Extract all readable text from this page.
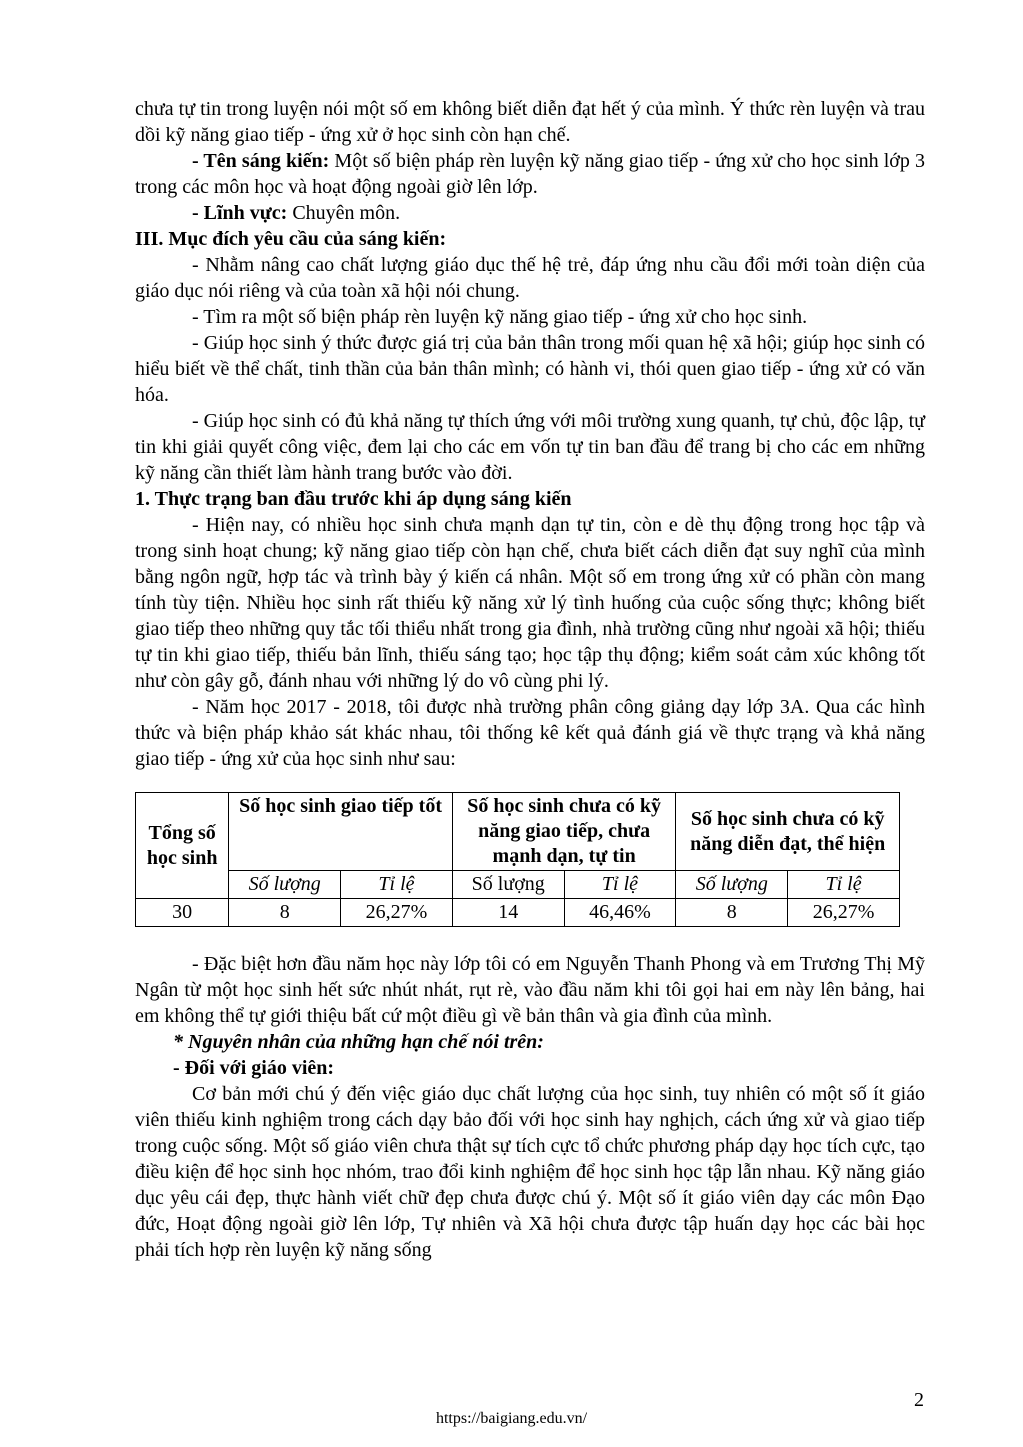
chưa tự tin trong luyện nói một số em không biết diễn đạt hết ý của mình. Ý thức rèn luyện và trau dồi kỹ năng giao tiếp - ứng xử ở học sinh còn hạn chế.

- Tên sáng kiến: Một số biện pháp rèn luyện kỹ năng giao tiếp - ứng xử cho học sinh lớp 3 trong các môn học và hoạt động ngoài giờ lên lớp.

- Lĩnh vực: Chuyên môn.

III. Mục đích yêu cầu của sáng kiến:

- Nhằm nâng cao chất lượng giáo dục thế hệ trẻ, đáp ứng nhu cầu đổi mới toàn diện của giáo dục nói riêng và của toàn xã hội nói chung.

- Tìm ra một số biện pháp rèn luyện kỹ năng giao tiếp - ứng xử cho học sinh.

- Giúp học sinh ý thức được giá trị của bản thân trong mối quan hệ xã hội; giúp học sinh có hiểu biết về thể chất, tinh thần của bản thân mình; có hành vi, thói quen giao tiếp - ứng xử có văn hóa.

- Giúp học sinh có đủ khả năng tự thích ứng với môi trường xung quanh, tự chủ, độc lập, tự tin khi giải quyết công việc, đem lại cho các em vốn tự tin ban đầu để trang bị cho các em những kỹ năng cần thiết làm hành trang bước vào đời.

1. Thực trạng ban đầu trước khi áp dụng sáng kiến

- Hiện nay, có nhiều học sinh chưa mạnh dạn tự tin, còn e dè thụ động trong học tập và trong sinh hoạt chung; kỹ năng giao tiếp còn hạn chế, chưa biết cách diễn đạt suy nghĩ của mình bằng ngôn ngữ, hợp tác và trình bày ý kiến cá nhân. Một số em trong ứng xử có phần còn mang tính tùy tiện. Nhiều học sinh rất thiếu kỹ năng xử lý tình huống của cuộc sống thực; không biết giao tiếp theo những quy tắc tối thiểu nhất trong gia đình, nhà trường cũng như ngoài xã hội; thiếu tự tin khi giao tiếp, thiếu bản lĩnh, thiếu sáng tạo; học tập thụ động; kiểm soát cảm xúc không tốt như còn gây gỗ, đánh nhau với những lý do vô cùng phi lý.

- Năm học 2017 - 2018, tôi được nhà trường phân công giảng dạy lớp 3A. Qua các hình thức và biện pháp khảo sát khác nhau, tôi thống kê kết quả đánh giá về thực trạng và khả năng giao tiếp - ứng xử của học sinh như sau:

Tổng số học sinh	Số học sinh giao tiếp tốt		Số học sinh chưa có kỹ năng giao tiếp, chưa mạnh dạn, tự tin		Số học sinh chưa có kỹ năng diễn đạt, thể hiện	
	Số lượng	Tỉ lệ	Số lượng	Tỉ lệ	Số lượng	Tỉ lệ
30	8	26,27%	14	46,46%	8	26,27%

- Đặc biệt hơn đầu năm học này lớp tôi có em Nguyễn Thanh Phong và em Trương Thị Mỹ Ngân từ một học sinh hết sức nhút nhát, rụt rè, vào đầu năm khi tôi gọi hai em này lên bảng, hai em không thể tự giới thiệu bất cứ một điều gì về bản thân và gia đình của mình.

* Nguyên nhân của những hạn chế nói trên:

- Đối với giáo viên:

Cơ bản mới chú ý đến việc giáo dục chất lượng của học sinh, tuy nhiên có một số ít giáo viên thiếu kinh nghiệm trong cách dạy bảo đối với học sinh hay nghịch, cách ứng xử và giao tiếp trong cuộc sống. Một số giáo viên chưa thật sự tích cực tổ chức phương pháp dạy học tích cực, tạo điều kiện để học sinh học nhóm, trao đổi kinh nghiệm để học sinh học tập lẫn nhau. Kỹ năng giáo dục yêu cái đẹp, thực hành viết chữ đẹp chưa được chú ý. Một số ít giáo viên dạy các môn Đạo đức, Hoạt động ngoài giờ lên lớp, Tự nhiên và Xã hội chưa được tập huấn dạy học các bài học phải tích hợp rèn luyện kỹ năng sống

2
https://baigiang.edu.vn/
